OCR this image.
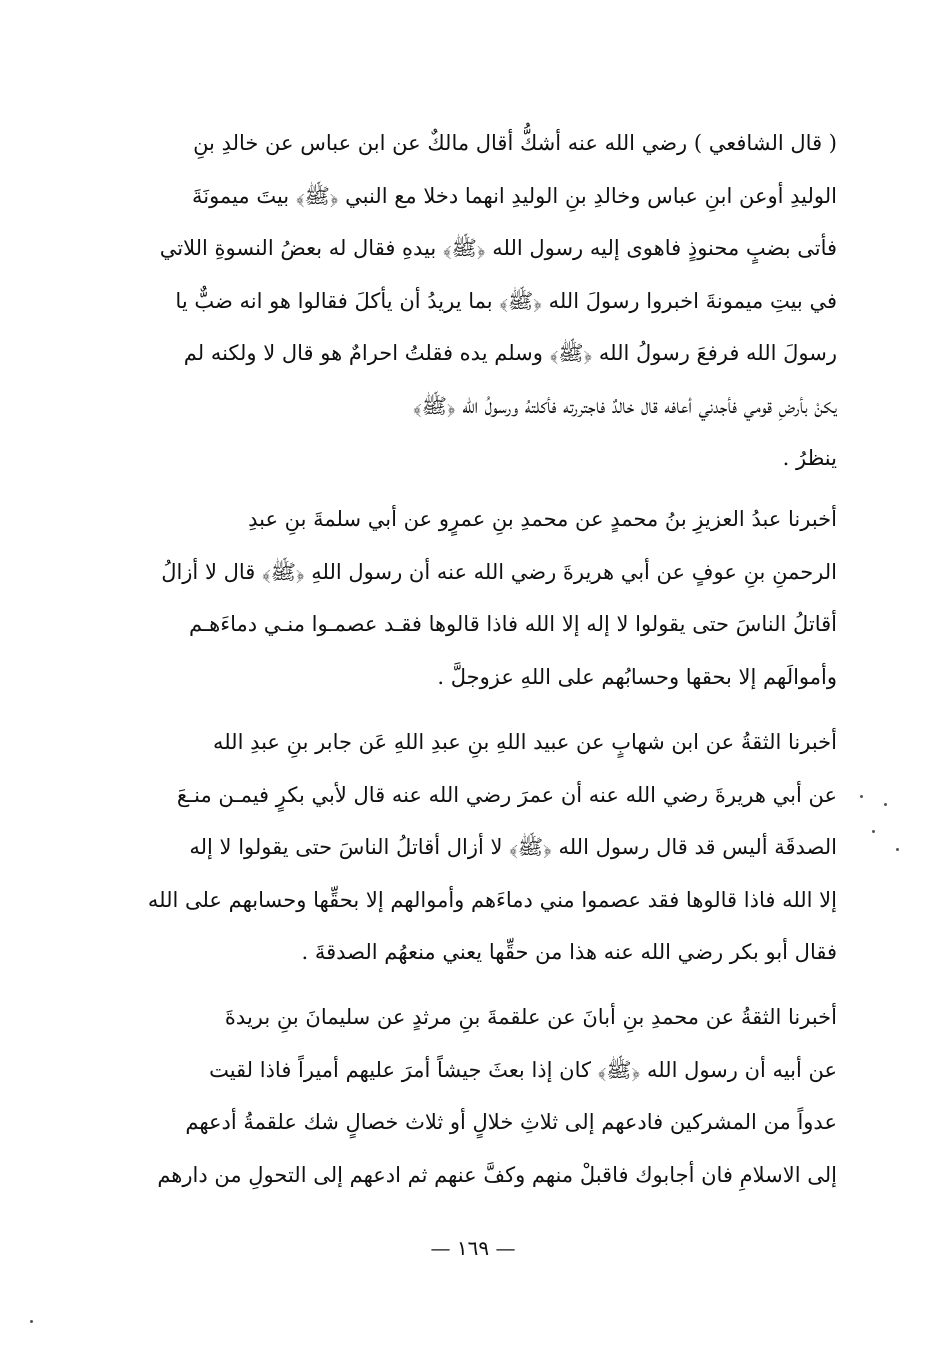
( قال الشافعي ) رضي الله عنه أشكُّ أقال مالكٌ عن ابن عباس عن خالدِ بنِ
الوليدِ أوعن ابنِ عباس وخالدِ بنِ الوليدِ انهما دخلا مع النبي ﴿ﷺ﴾ بيتَ ميمونَةَ
فأتى بضبٍ محنوذٍ فاهوى إليه رسول الله ﴿ﷺ﴾ بيدهِ فقال له بعضُ النسوةِ اللاتي
في بيتِ ميمونةَ اخبروا رسولَ الله ﴿ﷺ﴾ بما يريدُ أن يأكلَ فقالوا هو انه ضبٌّ يا
رسولَ الله فرفعَ رسولُ الله ﴿ﷺ﴾ وسلم يده فقلتُ احرامٌ هو قال لا ولكنه لم
يكنْ بأرضِ قومي فأجدني أعافه قال خالدٌ فاجتررته فأكلتهُ ورسولُ الله ﴿ﷺ﴾
ينظرُ .
أخبرنا عبدُ العزيزِ بنُ محمدٍ عن محمدِ بنِ عمرٍو عن أبي سلمةَ بنِ عبدِ
الرحمنِ بنِ عوفٍ عن أبي هريرةَ رضي الله عنه أن رسول اللهِ ﴿ﷺ﴾ قال لا أزالُ
أقاتلُ الناسَ حتى يقولوا لا إله إلا الله فاذا قالوها فقـد عصمـوا منـي دماءَهـم
وأموالَهم إلا بحقها وحسابُهم على اللهِ عزوجلَّ .
أخبرنا الثقةُ عن ابن شهابٍ عن عبيد اللهِ بنِ عبدِ اللهِ عَن جابر بنِ عبدِ الله
عن أبي هريرةَ رضي الله عنه أن عمرَ رضي الله عنه قال لأبي بكرٍ فيمـن منـعَ
الصدقَة أليس قد قال رسول الله ﴿ﷺ﴾ لا أزال أقاتلُ الناسَ حتى يقولوا لا إله
إلا الله فاذا قالوها فقد عصموا مني دماءَهم وأموالهم إلا بحقِّها وحسابهم على الله
فقال أبو بكر رضي الله عنه هذا من حقِّها يعني منعهُم الصدقةَ .
أخبرنا الثقةُ عن محمدِ بنِ أبانَ عن علقمةَ بنِ مرثدٍ عن سليمانَ بنِ بريدةَ
عن أبيه أن رسول الله ﴿ﷺ﴾ كان إذا بعثَ جيشاً أمرَ عليهم أميراً فاذا لقيت
عدواً من المشركين فادعهم إلى ثلاثِ خلالٍ أو ثلاث خصالٍ شك علقمةُ أدعهم
إلى الاسلامِ فان أجابوك فاقبلْ منهم وكفَّ عنهم ثم ادعهم إلى التحولِ من دارهم
— ١٦٩ —
